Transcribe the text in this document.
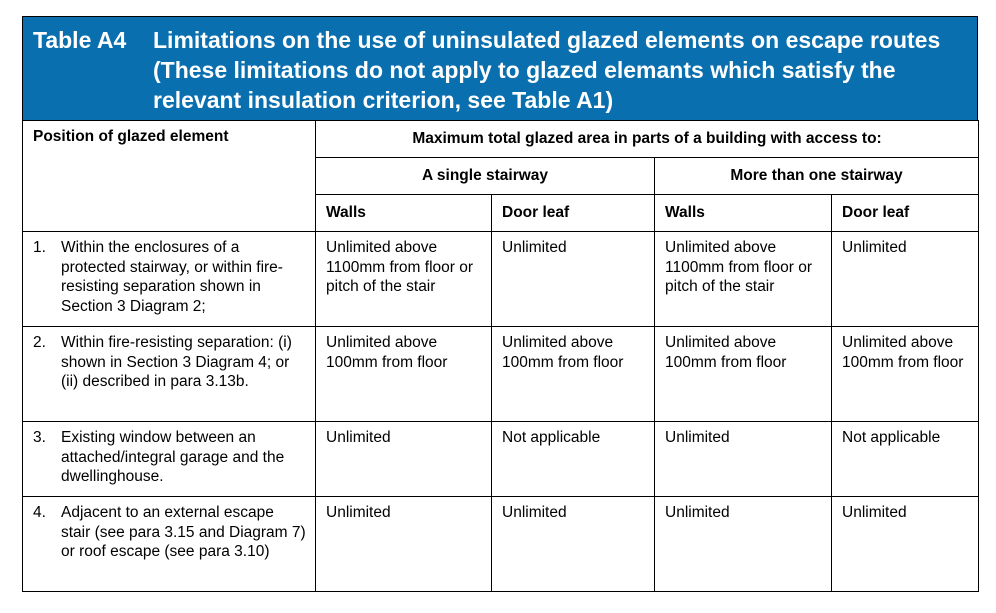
Table A4 Limitations on the use of uninsulated glazed elements on escape routes (These limitations do not apply to glazed elemants which satisfy the relevant insulation criterion, see Table A1)
Position of glazed element	Maximum total glazed area in parts of a building with access to:			
	A single stairway		More than one stairway	
	Walls	Door leaf	Walls	Door leaf

1. Within the enclosures of a protected stairway, or within fire-resisting separation shown in Section 3 Diagram 2;	Unlimited above 1100mm from floor or pitch of the stair	Unlimited	Unlimited above 1100mm from floor or pitch of the stair	Unlimited

2. Within fire-resisting separation: (i) shown in Section 3 Diagram 4; or
(ii) described in para 3.13b.	Unlimited above 100mm from floor	Unlimited above 100mm from floor	Unlimited above 100mm from floor	Unlimited above 100mm from floor

3. Existing window between an attached/integral garage and the dwellinghouse.	Unlimited	Not applicable	Unlimited	Not applicable

4. Adjacent to an external escape stair (see para 3.15 and Diagram 7) or roof escape (see para 3.10)	Unlimited	Unlimited	Unlimited	Unlimited
